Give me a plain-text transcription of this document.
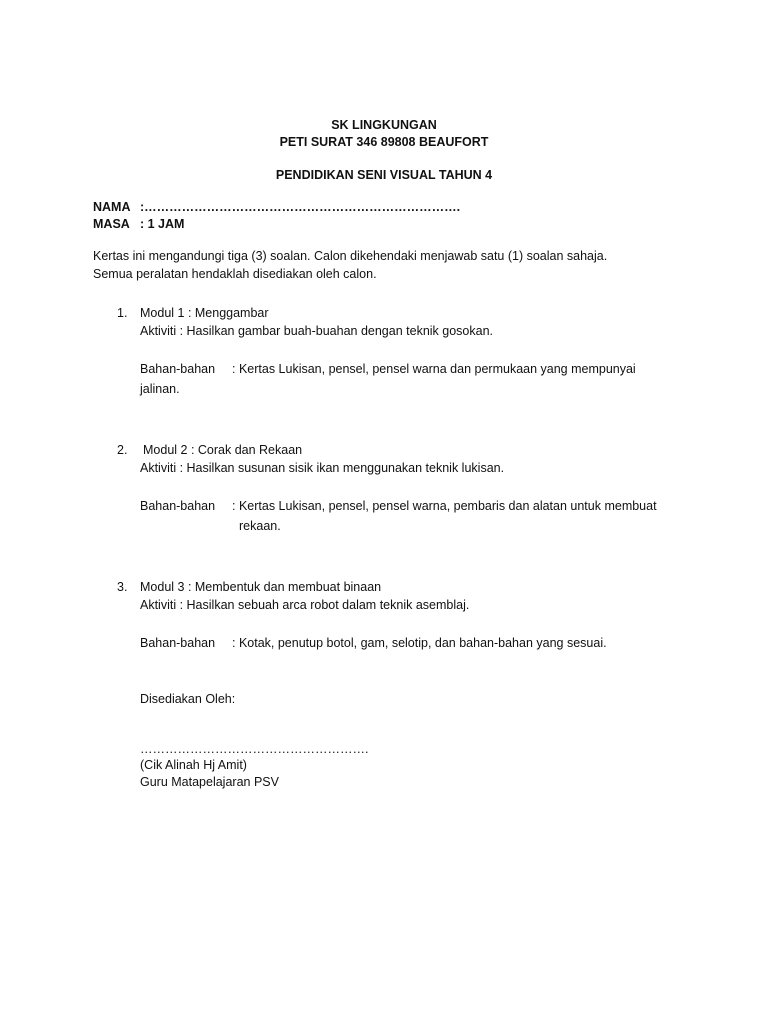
SK LINGKUNGAN
PETI SURAT 346 89808 BEAUFORT
PENDIDIKAN SENI VISUAL TAHUN 4
NAMA :………………………………………………………………….
MASA : 1 JAM
Kertas ini mengandungi tiga (3) soalan. Calon dikehendaki menjawab satu (1) soalan sahaja.
Semua peralatan hendaklah disediakan oleh calon.
1. Modul 1 : Menggambar
Aktiviti : Hasilkan gambar buah-buahan dengan teknik gosokan.
Bahan-bahan : Kertas Lukisan, pensel, pensel warna dan permukaan yang mempunyai
jalinan.
2. Modul 2 : Corak dan Rekaan
Aktiviti : Hasilkan susunan sisik ikan menggunakan teknik lukisan.
Bahan-bahan : Kertas Lukisan, pensel, pensel warna, pembaris dan alatan untuk membuat
rekaan.
3. Modul 3 : Membentuk dan membuat binaan
Aktiviti : Hasilkan sebuah arca robot dalam teknik asemblaj.
Bahan-bahan : Kotak, penutup botol, gam, selotip, dan bahan-bahan yang sesuai.
Disediakan Oleh:
……………………………………………….
(Cik Alinah Hj Amit)
Guru Matapelajaran PSV
